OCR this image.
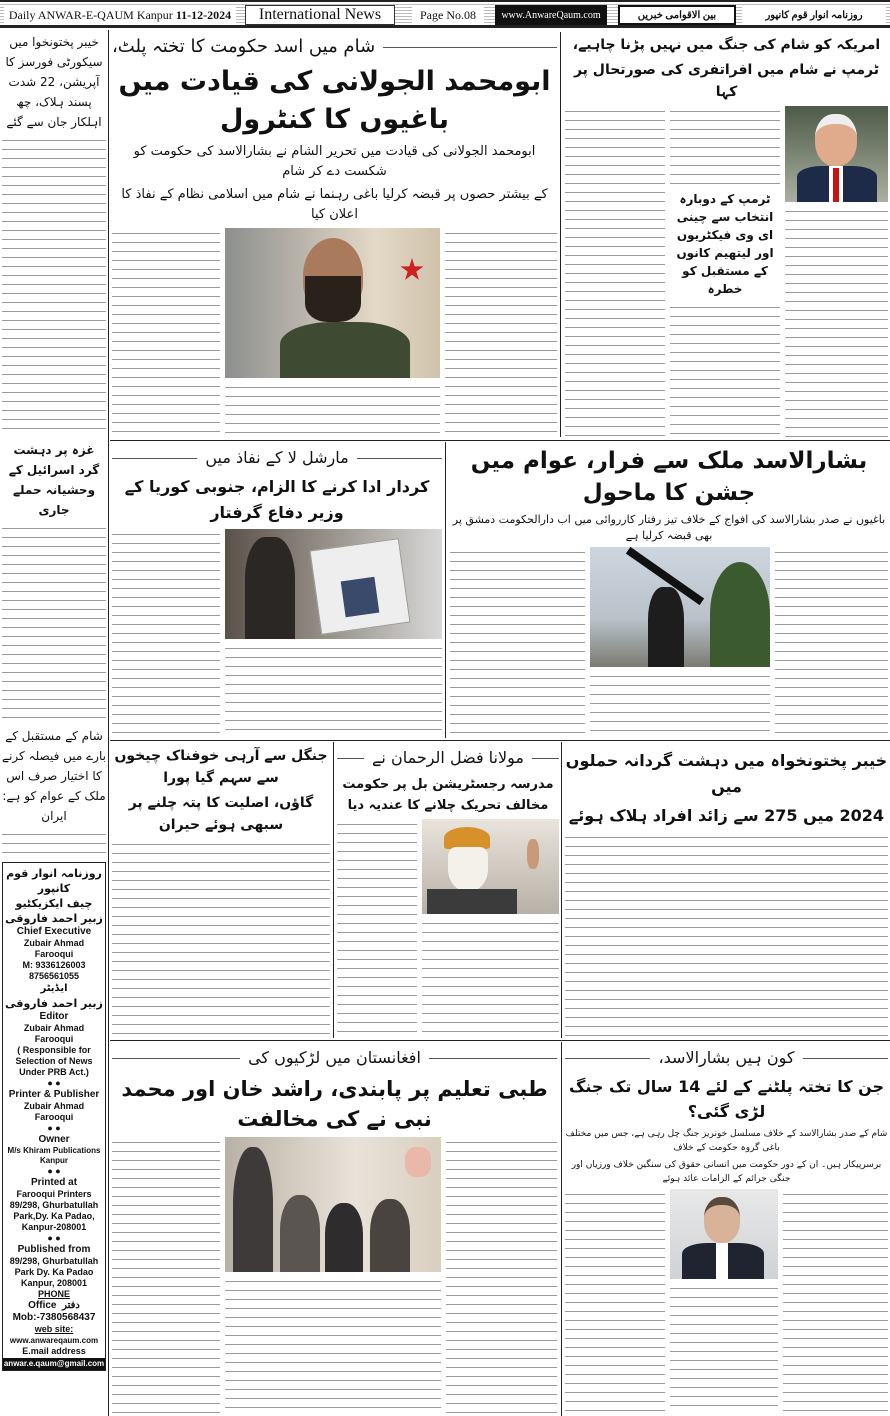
Daily ANWAR-E-QAUM Kanpur
11-12-2024	International News	Page No.08	www.AnwareQaum.com	بین الاقوامی خبریں	روزنامہ انوار قوم کانپور
خیبر پختونخوا میں سیکورٹی فورسز کا آپریشن، 22 شدت پسند ہلاک، چھ اہلکار جان سے گئے
غزہ پر دہشت گرد اسرائیل کے وحشیانہ حملے جاری
شام کے مستقبل کے بارے میں فیصلہ کرنے کا اختیار صرف اس ملک کے عوام کو ہے: ایران
روزنامہ انوار قوم کانپور
چیف ایکزیکٹیو
زبیر احمد فاروقی
Chief Executive
Zubair Ahmad Farooqui
M: 9336126003
8756561055
ایڈیٹر
زبیر احمد فاروقی
Editor
Zubair Ahmad Farooqui
( Responsible for Selection of News Under PRB Act.)
● ●
Printer & Publisher
Zubair Ahmad Farooqui
● ●
Owner
M/s Khiram Publications Kanpur
● ●
Printed at
Farooqui Printers 89/298, Ghurbatullah Park,Dy. Ka Padao, Kanpur-208001
● ●
Published from
89/298, Ghurbatullah Park Dy. Ka Padao Kanpur, 208001
PHONE
Office دفتر
Mob:-7380568437
web site:
www.anwareqaum.com
E.mail address
anwar.e.qaum@gmail.com
شام میں اسد حکومت کا تختہ پلٹ،
ابومحمد الجولانی کی قیادت میں باغیوں کا کنٹرول
ابومحمد الجولانی کی قیادت میں تحریر الشام نے بشارالاسد کی حکومت کو شکست دے کر شام
کے بیشتر حصوں پر قبضہ کرلیا باغی رہنما نے شام میں اسلامی نظام کے نفاذ کا اعلان کیا
امریکہ کو شام کی جنگ میں نہیں پڑنا چاہیے،
ٹرمپ نے شام میں افراتفری کی صورتحال پر کہا
ٹرمپ کے دوبارہ انتخاب سے چینی ای وی فیکٹریوں اور لیتھیم کانوں کے مستقبل کو خطرہ
مارشل لا کے نفاذ میں
کردار ادا کرنے کا الزام، جنوبی کوریا کے وزیر دفاع گرفتار
بشارالاسد ملک سے فرار، عوام میں جشن کا ماحول
باغیوں نے صدر بشارالاسد کی افواج کے خلاف تیز رفتار کارروائی میں اب دارالحکومت دمشق پر بھی قبضہ کرلیا ہے
جنگل سے آرہی خوفناک چیخوں سے سہم گیا پورا
گاؤں، اصلیت کا پتہ چلنے پر سبھی ہوئے حیران
مولانا فضل الرحمان نے
مدرسہ رجسٹریشن بل پر حکومت مخالف تحریک چلانے کا عندیہ دیا
خیبر پختونخواہ میں دہشت گردانہ حملوں میں
2024 میں 275 سے زائد افراد ہلاک ہوئے
افغانستان میں لڑکیوں کی
طبی تعلیم پر پابندی، راشد خان اور محمد نبی نے کی مخالفت
کون ہیں بشارالاسد،
جن کا تختہ پلٹنے کے لئے 14 سال تک جنگ لڑی گئی؟
شام کے صدر بشارالاسد کے خلاف مسلسل خونریز جنگ چل رہی ہے، جس میں مختلف باغی گروہ حکومت کے خلاف
برسرپیکار ہیں۔ ان کے دور حکومت میں انسانی حقوق کی سنگین خلاف ورزیاں اور جنگی جرائم کے الزامات عائد ہوئے
